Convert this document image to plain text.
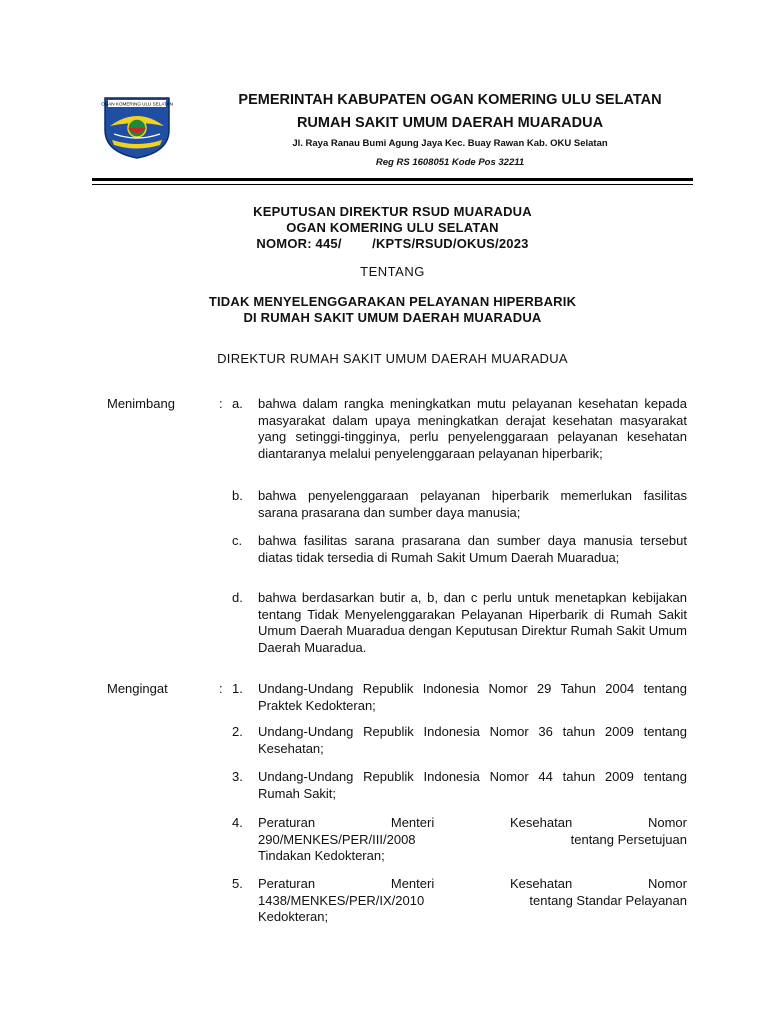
OGAN KOMERING ULU SELATAN	PEMERINTAH KABUPATEN OGAN KOMERING ULU SELATAN
RUMAH SAKIT UMUM DAERAH MUARADUA
Jl. Raya Ranau Bumi Agung Jaya Kec. Buay Rawan Kab. OKU Selatan
Reg RS 1608051 Kode Pos 32211
KEPUTUSAN DIREKTUR RSUD MUARADUA
OGAN KOMERING ULU SELATAN
NOMOR: 445/        /KPTS/RSUD/OKUS/2023
TENTANG
TIDAK MENYELENGGARAKAN PELAYANAN HIPERBARIK
DI RUMAH SAKIT UMUM DAERAH MUARADUA
DIREKTUR RUMAH SAKIT UMUM DAERAH MUARADUA
Menimbang	: a. bahwa dalam rangka meningkatkan mutu pelayanan kesehatan kepada masyarakat dalam upaya meningkatkan derajat kesehatan masyarakat yang setinggi-tingginya, perlu penyelenggaraan pelayanan kesehatan diantaranya melalui penyelenggaraan pelayanan hiperbarik;
b. bahwa penyelenggaraan pelayanan hiperbarik memerlukan fasilitas sarana prasarana dan sumber daya manusia;
c. bahwa fasilitas sarana prasarana dan sumber daya manusia tersebut diatas tidak tersedia di Rumah Sakit Umum Daerah Muaradua;
d. bahwa berdasarkan butir a, b, dan c perlu untuk menetapkan kebijakan tentang Tidak Menyelenggarakan Pelayanan Hiperbarik di Rumah Sakit Umum Daerah Muaradua dengan Keputusan Direktur Rumah Sakit Umum Daerah Muaradua.
Mengingat	: 1. Undang-Undang Republik Indonesia Nomor 29 Tahun 2004 tentang Praktek Kedokteran;
2. Undang-Undang Republik Indonesia Nomor 36 tahun 2009 tentang Kesehatan;
3. Undang-Undang Republik Indonesia Nomor 44 tahun 2009 tentang Rumah Sakit;
4. Peraturan	Menteri	Kesehatan	Nomor
290/MENKES/PER/III/2008	tentang Persetujuan
Tindakan Kedokteran;
5. Peraturan	Menteri	Kesehatan	Nomor
1438/MENKES/PER/IX/2010	tentang Standar Pelayanan
Kedokteran;
